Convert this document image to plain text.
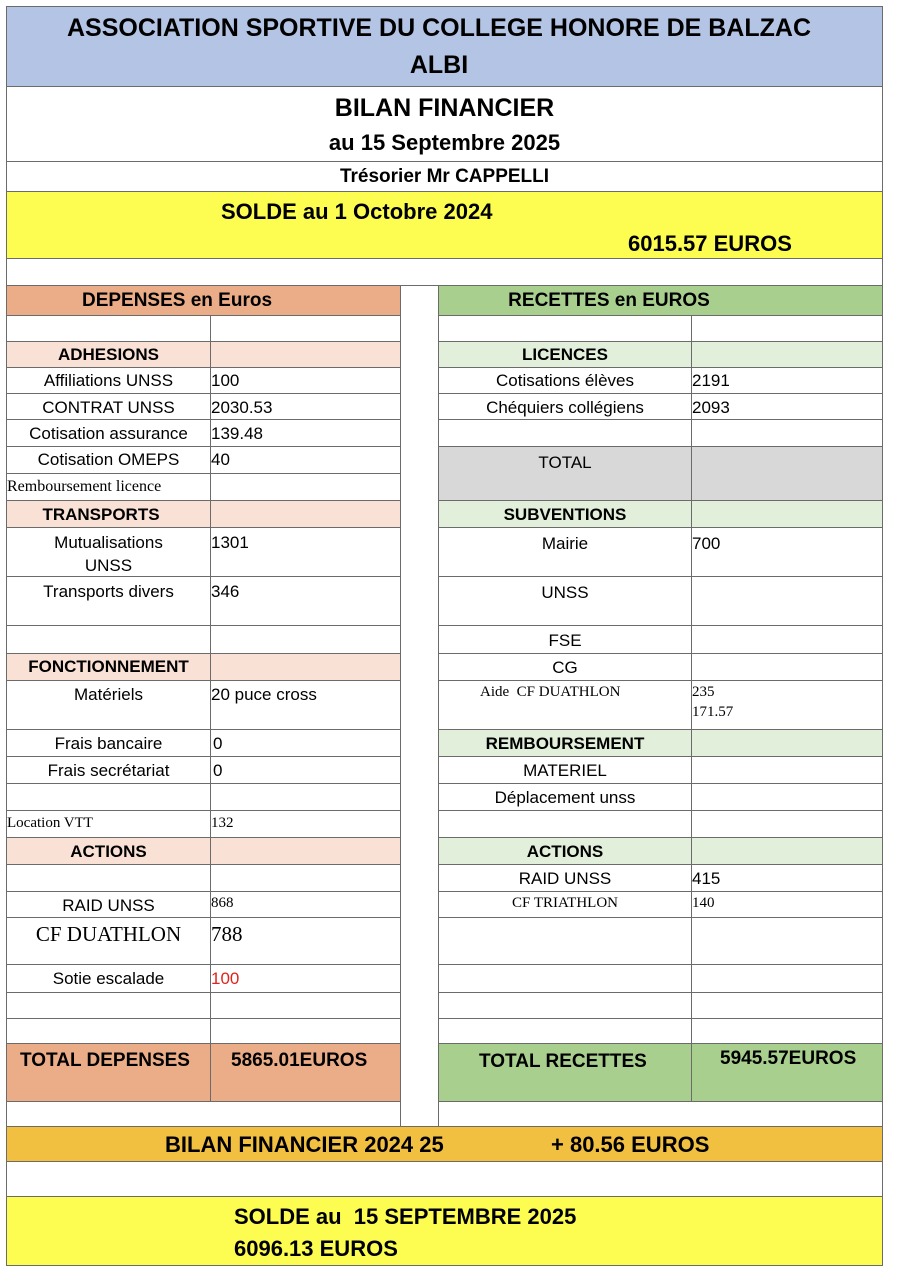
ASSOCIATION SPORTIVE DU COLLEGE HONORE DE BALZAC
ALBI
BILAN FINANCIER
au 15 Septembre 2025
Trésorier Mr CAPPELLI
SOLDE au 1 Octobre 2024
6015.57 EUROS
DEPENSES en Euros
ADHESIONS
Affiliations UNSS	100
CONTRAT UNSS	2030.53
Cotisation assurance	139.48
Cotisation OMEPS	40
Remboursement licence
TRANSPORTS
Mutualisations
UNSS
1301
Transports divers	346
FONCTIONNEMENT
Matériels	20 puce cross
Frais bancaire	0
Frais secrétariat	0
Location VTT	132
ACTIONS
RAID UNSS	868
CF DUATHLON	788
Sotie escalade	100
TOTAL DEPENSES 5865.01EUROS
RECETTES en EUROS
LICENCES
Cotisations élèves	2191
Chéquiers collégiens	2093
TOTAL
SUBVENTIONS
Mairie	700
UNSS
FSE
CG
Aide  CF DUATHLON	235
171.57
REMBOURSEMENT
MATERIEL
Déplacement unss
ACTIONS
RAID UNSS	415
CF TRIATHLON	140
TOTAL RECETTES	5945.57EUROS
BILAN FINANCIER 2024 25	+ 80.56 EUROS
SOLDE au  15 SEPTEMBRE 2025
6096.13 EUROS
